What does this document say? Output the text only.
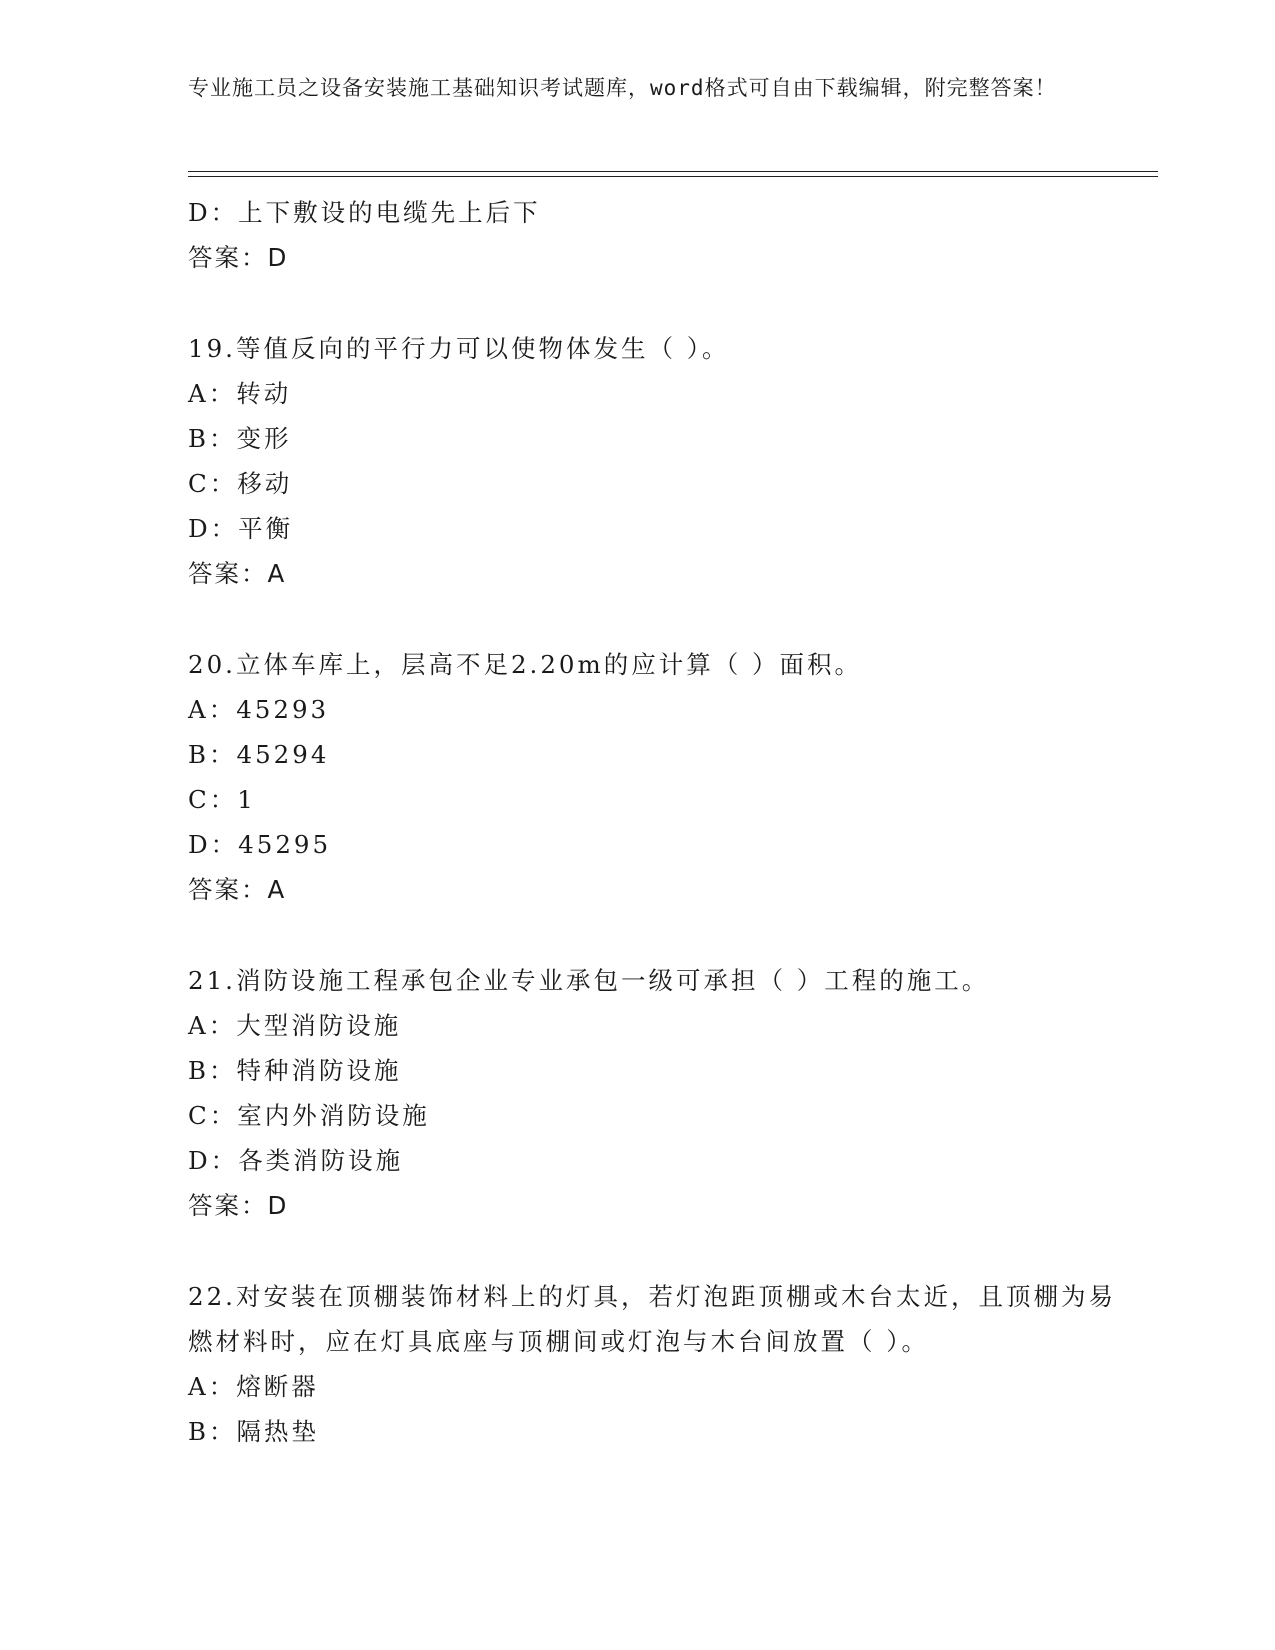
专业施工员之设备安装施工基础知识考试题库，word格式可自由下载编辑，附完整答案！
D：上下敷设的电缆先上后下
答案：D
19.等值反向的平行力可以使物体发生（ ）。
A：转动
B：变形
C：移动
D：平衡
答案：A
20.立体车库上，层高不足2.20m的应计算（ ）面积。
A：45293
B：45294
C：1
D：45295
答案：A
21.消防设施工程承包企业专业承包一级可承担（ ）工程的施工。
A：大型消防设施
B：特种消防设施
C：室内外消防设施
D：各类消防设施
答案：D
22.对安装在顶棚装饰材料上的灯具，若灯泡距顶棚或木台太近，且顶棚为易燃材料时，应在灯具底座与顶棚间或灯泡与木台间放置（ ）。
A：熔断器
B：隔热垫
